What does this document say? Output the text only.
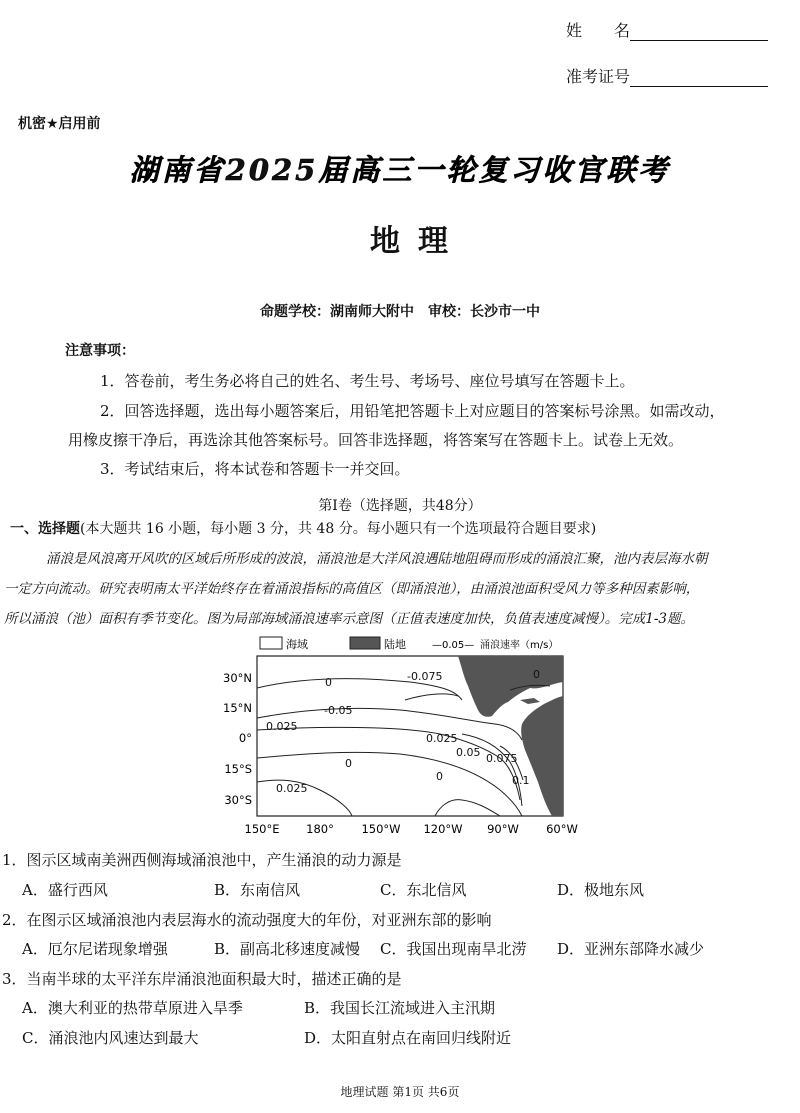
姓　　名
准考证号
机密★启用前
湖南省2025届高三一轮复习收官联考
地理
命题学校：湖南师大附中　审校：长沙市一中
注意事项：
1．答卷前，考生务必将自己的姓名、考生号、考场号、座位号填写在答题卡上。
2．回答选择题，选出每小题答案后，用铅笔把答题卡上对应题目的答案标号涂黑。如需改动，
用橡皮擦干净后，再选涂其他答案标号。回答非选择题，将答案写在答题卡上。试卷上无效。
3．考试结束后，将本试卷和答题卡一并交回。
第Ⅰ卷（选择题，共48分）
一、选择题(本大题共 16 小题，每小题 3 分，共 48 分。每小题只有一个选项最符合题目要求)
涌浪是风浪离开风吹的区域后所形成的波浪，涌浪池是大洋风浪遇陆地阻碍而形成的涌浪汇聚，池内表层海水朝
一定方向流动。研究表明南太平洋始终存在着涌浪指标的高值区（即涌浪池），由涌浪池面积受风力等多种因素影响，
所以涌浪（池）面积有季节变化。图为局部海域涌浪速率示意图（正值表速度加快，负值表速度减慢）。完成1-3题。
海域	陆地	—0.05— 涌浪速率（m/s）
0	-0.075
-0.05
0.025
0.025
0.05 0.075
0.1
0
0.025
0
0
30°N
15°N
0°
15°S
30°S
150°E 180° 150°W 120°W 90°W 60°W
1．图示区域南美洲西侧海域涌浪池中，产生涌浪的动力源是
A．盛行西风	B．东南信风	C．东北信风	D．极地东风
2．在图示区域涌浪池内表层海水的流动强度大的年份，对亚洲东部的影响
A．厄尔尼诺现象增强	B．副高北移速度减慢 C．我国出现南旱北涝 D．亚洲东部降水减少
3．当南半球的太平洋东岸涌浪池面积最大时，描述正确的是
A．澳大利亚的热带草原进入旱季	B．我国长江流域进入主汛期
C．涌浪池内风速达到最大	D．太阳直射点在南回归线附近
地理试题 第1页 共6页
